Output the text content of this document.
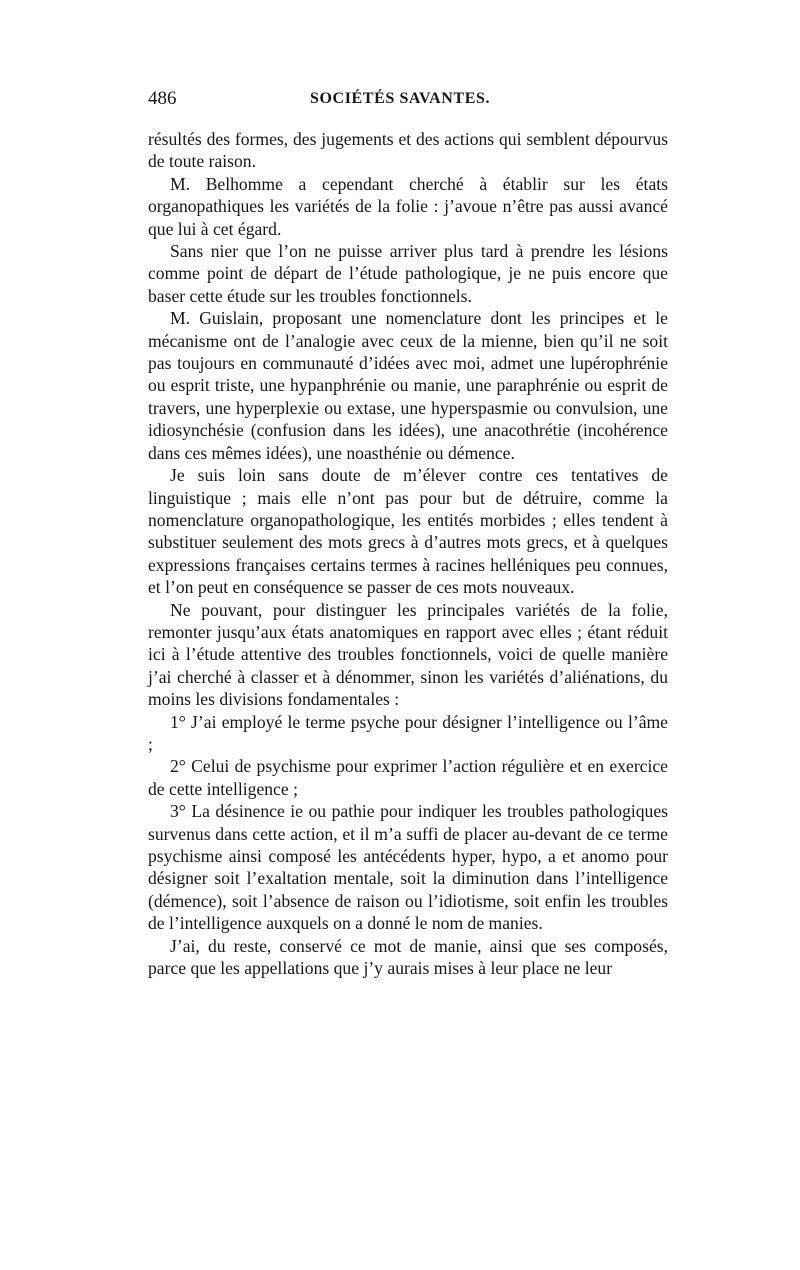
486	SOCIÉTÉS SAVANTES.

résultés des formes, des jugements et des actions qui semblent dépourvus de toute raison.

M. Belhomme a cependant cherché à établir sur les états organopathiques les variétés de la folie : j’avoue n’être pas aussi avancé que lui à cet égard.

Sans nier que l’on ne puisse arriver plus tard à prendre les lésions comme point de départ de l’étude pathologique, je ne puis encore que baser cette étude sur les troubles fonctionnels.

M. Guislain, proposant une nomenclature dont les principes et le mécanisme ont de l’analogie avec ceux de la mienne, bien qu’il ne soit pas toujours en communauté d’idées avec moi, admet une lupérophrénie ou esprit triste, une hypanphrénie ou manie, une paraphrénie ou esprit de travers, une hyperplexie ou extase, une hyperspasmie ou convulsion, une idiosynchésie (confusion dans les idées), une anacothrétie (incohérence dans ces mêmes idées), une noasthénie ou démence.

Je suis loin sans doute de m’élever contre ces tentatives de linguistique ; mais elle n’ont pas pour but de détruire, comme la nomenclature organopathologique, les entités morbides ; elles tendent à substituer seulement des mots grecs à d’autres mots grecs, et à quelques expressions françaises certains termes à racines helléniques peu connues, et l’on peut en conséquence se passer de ces mots nouveaux.

Ne pouvant, pour distinguer les principales variétés de la folie, remonter jusqu’aux états anatomiques en rapport avec elles ; étant réduit ici à l’étude attentive des troubles fonctionnels, voici de quelle manière j’ai cherché à classer et à dénommer, sinon les variétés d’aliénations, du moins les divisions fondamentales :

1° J’ai employé le terme psyche pour désigner l’intelligence ou l’âme ;

2° Celui de psychisme pour exprimer l’action régulière et en exercice de cette intelligence ;

3° La désinence ie ou pathie pour indiquer les troubles pathologiques survenus dans cette action, et il m’a suffi de placer au-devant de ce terme psychisme ainsi composé les antécédents hyper, hypo, a et anomo pour désigner soit l’exaltation mentale, soit la diminution dans l’intelligence (démence), soit l’absence de raison ou l’idiotisme, soit enfin les troubles de l’intelligence auxquels on a donné le nom de manies.

J’ai, du reste, conservé ce mot de manie, ainsi que ses composés, parce que les appellations que j’y aurais mises à leur place ne leur
